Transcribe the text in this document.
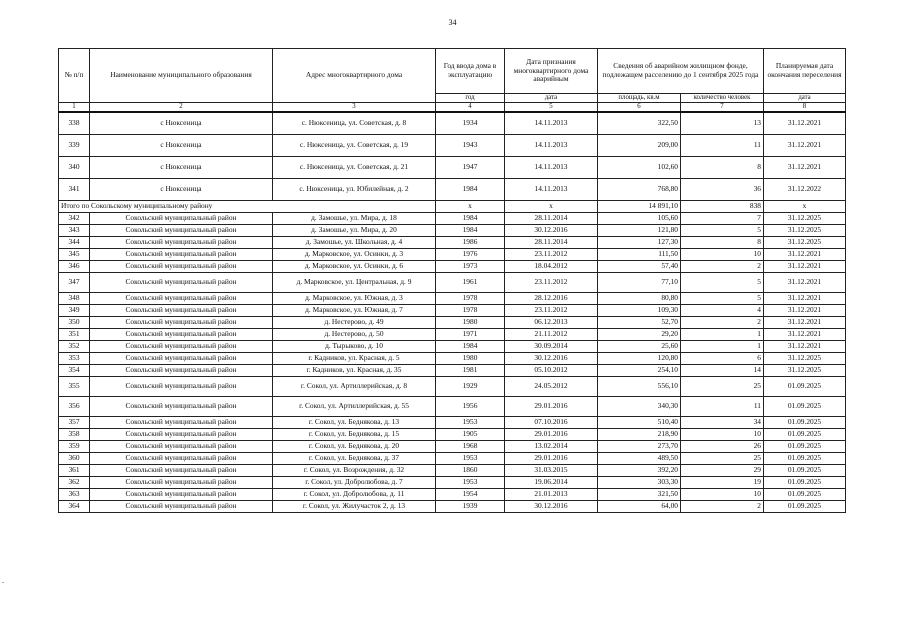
34
-
№ п/п	Наименование муниципального образования	Адрес многоквартирного дома	Год ввода дома в эксплуатацию	Дата признания многоквартирного дома аварийным	Сведения об аварийном жилищном фонде, подлежащем расселению до 1 сентября 2025 года		Планируемая дата окончания переселения
			год	дата	площадь, кв.м	количество человек	дата
1	2	3	4	5	6	7	8
338	с Нюксеница	с. Нюксеница, ул. Советская, д. 8	1934	14.11.2013	322,50	13	31.12.2021
339	с Нюксеница	с. Нюксеница, ул. Советская, д. 19	1943	14.11.2013	209,00	11	31.12.2021
340	с Нюксеница	с. Нюксеница, ул. Советская, д. 21	1947	14.11.2013	102,60	8	31.12.2021
341	с Нюксеница	с. Нюксеница, ул. Юбилейная, д. 2	1984	14.11.2013	768,80	36	31.12.2022
Итого по Сокольскому муниципальному району			х	х	14 891,10	838	х
342	Сокольский муниципальный район	д. Замошье, ул. Мира, д. 18	1984	28.11.2014	105,60	7	31.12.2025
343	Сокольский муниципальный район	д. Замошье, ул. Мира, д. 20	1984	30.12.2016	121,80	5	31.12.2025
344	Сокольский муниципальный район	д. Замошье, ул. Школьная, д. 4	1986	28.11.2014	127,30	8	31.12.2025
345	Сокольский муниципальный район	д. Марковское, ул. Осинки, д. 3	1976	23.11.2012	111,50	10	31.12.2021
346	Сокольский муниципальный район	д. Марковское, ул. Осинки, д. 6	1973	18.04.2012	57,40	2	31.12.2021
347	Сокольский муниципальный район	д. Марковское, ул. Центральная, д. 9	1961	23.11.2012	77,10	5	31.12.2021
348	Сокольский муниципальный район	д. Марковское, ул. Южная, д. 3	1978	28.12.2016	80,80	5	31.12.2021
349	Сокольский муниципальный район	д. Марковское, ул. Южная, д. 7	1978	23.11.2012	109,30	4	31.12.2021
350	Сокольский муниципальный район	д. Нестерово, д. 49	1980	06.12.2013	52,70	2	31.12.2021
351	Сокольский муниципальный район	д. Нестерово, д. 50	1971	21.11.2012	29,20	1	31.12.2021
352	Сокольский муниципальный район	д. Тырыково, д. 10	1984	30.09.2014	25,60	1	31.12.2021
353	Сокольский муниципальный район	г. Кадников, ул. Красная, д. 5	1980	30.12.2016	120,80	6	31.12.2025
354	Сокольский муниципальный район	г. Кадников, ул. Красная, д. 35	1981	05.10.2012	254,10	14	31.12.2025
355	Сокольский муниципальный район	г. Сокол, ул. Артиллерийская, д. 8	1929	24.05.2012	556,10	25	01.09.2025
356	Сокольский муниципальный район	г. Сокол, ул. Артиллерийская, д. 55	1956	29.01.2016	340,30	11	01.09.2025
357	Сокольский муниципальный район	г. Сокол, ул. Беднякова, д. 13	1953	07.10.2016	510,40	34	01.09.2025
358	Сокольский муниципальный район	г. Сокол, ул. Беднякова, д. 15	1905	29.01.2016	218,90	10	01.09.2025
359	Сокольский муниципальный район	г. Сокол, ул. Беднякова, д. 20	1968	13.02.2014	273,70	26	01.09.2025
360	Сокольский муниципальный район	г. Сокол, ул. Беднякова, д. 37	1953	29.01.2016	489,50	25	01.09.2025
361	Сокольский муниципальный район	г. Сокол, ул. Возрождения, д. 32	1860	31.03.2015	392,20	29	01.09.2025
362	Сокольский муниципальный район	г. Сокол, ул. Добролюбова, д. 7	1953	19.06.2014	303,30	19	01.09.2025
363	Сокольский муниципальный район	г. Сокол, ул. Добролюбова, д. 11	1954	21.01.2013	321,50	10	01.09.2025
364	Сокольский муниципальный район	г. Сокол, ул. Жилучасток 2, д. 13	1939	30.12.2016	64,00	2	01.09.2025
